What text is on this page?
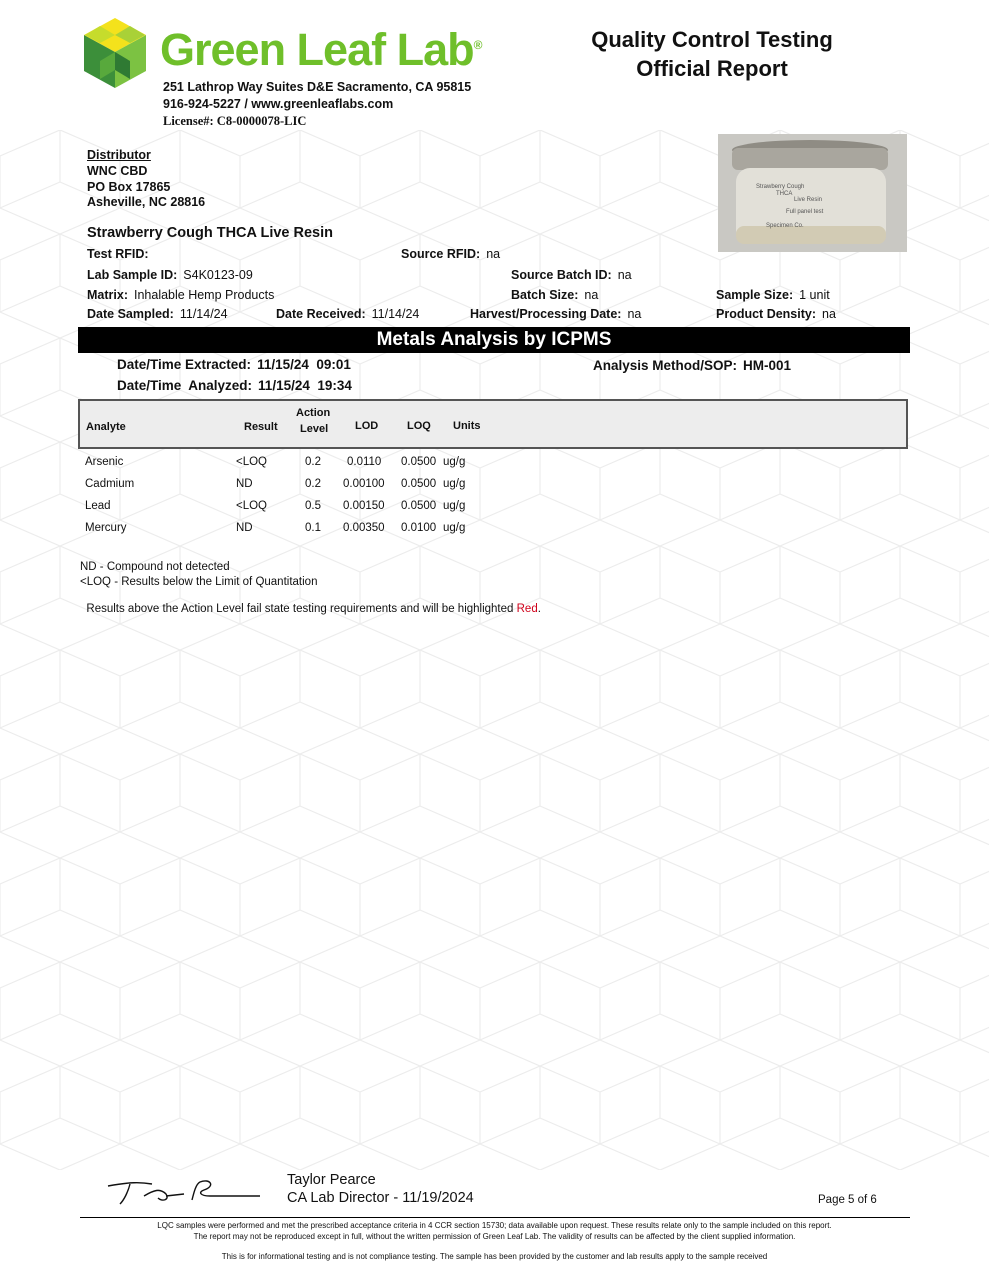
Green Leaf Lab®
251 Lathrop Way Suites D&E Sacramento, CA 95815
916-924-5227 / www.greenleaflabs.com
License#: C8-0000078-LIC
Quality Control Testing
Official Report
Strawberry Cough
THCA
Live Resin
Full panel test
Specimen Co.
Distributor
WNC CBD
PO Box 17865
Asheville, NC 28816
Strawberry Cough THCA Live Resin
Test RFID:	Source RFID: na
Lab Sample ID: S4K0123-09	Source Batch ID: na
Matrix: Inhalable Hemp Products	Batch Size: na	Sample Size: 1 unit
Date Sampled: 11/14/24	Date Received: 11/14/24	Harvest/Processing Date: na	Product Density: na
Metals Analysis by ICPMS
Date/Time Extracted: 11/15/24  09:01
Date/Time  Analyzed: 11/15/24  19:34
Analysis Method/SOP: HM-001
Analyte	Result
Action
Level LOD	LOQ Units
Arsenic	<LOQ	0.2 0.0110 0.0500 ug/g
Cadmium	ND	0.2 0.00100 0.0500 ug/g
Lead	<LOQ	0.5 0.00150 0.0500 ug/g
Mercury	ND	0.1 0.00350 0.0100 ug/g
ND - Compound not detected
<LOQ - Results below the Limit of Quantitation

Results above the Action Level fail state testing requirements and will be highlighted Red.

Taylor Pearce
CA Lab Director - 11/19/2024	Page 5 of 6
LQC samples were performed and met the prescribed acceptance criteria in 4 CCR section 15730; data available upon request. These results relate only to the sample included on this report.
The report may not be reproduced except in full, without the written permission of Green Leaf Lab. The validity of results can be affected by the client supplied information.
This is for informational testing and is not compliance testing. The sample has been provided by the customer and lab results apply to the sample received
